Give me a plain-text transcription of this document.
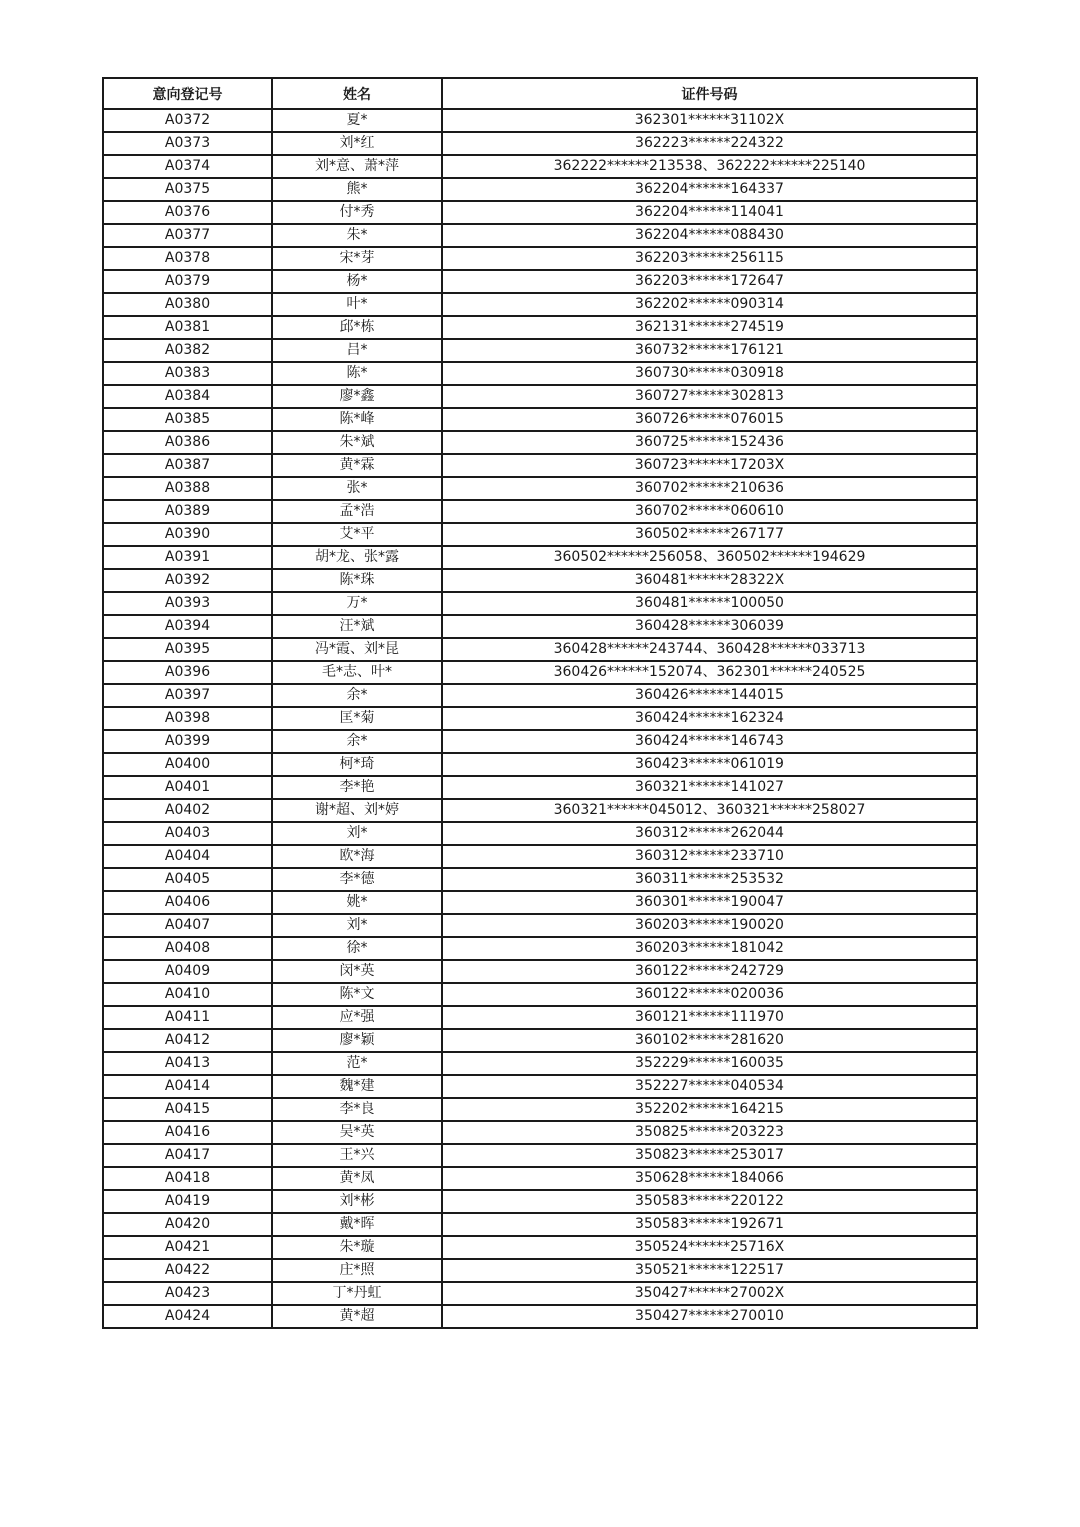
意向登记号	姓名	证件号码
A0372	夏*	362301******31102X
A0373	刘*红	362223******224322
A0374	刘*意、萧*萍	362222******213538、362222******225140
A0375	熊*	362204******164337
A0376	付*秀	362204******114041
A0377	朱*	362204******088430
A0378	宋*芽	362203******256115
A0379	杨*	362203******172647
A0380	叶*	362202******090314
A0381	邱*栋	362131******274519
A0382	吕*	360732******176121
A0383	陈*	360730******030918
A0384	廖*鑫	360727******302813
A0385	陈*峰	360726******076015
A0386	朱*斌	360725******152436
A0387	黄*霖	360723******17203X
A0388	张*	360702******210636
A0389	孟*浩	360702******060610
A0390	艾*平	360502******267177
A0391	胡*龙、张*露	360502******256058、360502******194629
A0392	陈*珠	360481******28322X
A0393	万*	360481******100050
A0394	汪*斌	360428******306039
A0395	冯*霞、刘*昆	360428******243744、360428******033713
A0396	毛*志、叶*	360426******152074、362301******240525
A0397	余*	360426******144015
A0398	匡*菊	360424******162324
A0399	余*	360424******146743
A0400	柯*琦	360423******061019
A0401	李*艳	360321******141027
A0402	谢*超、刘*婷	360321******045012、360321******258027
A0403	刘*	360312******262044
A0404	欧*海	360312******233710
A0405	李*德	360311******253532
A0406	姚*	360301******190047
A0407	刘*	360203******190020
A0408	徐*	360203******181042
A0409	闵*英	360122******242729
A0410	陈*文	360122******020036
A0411	应*强	360121******111970
A0412	廖*颖	360102******281620
A0413	范*	352229******160035
A0414	魏*建	352227******040534
A0415	李*良	352202******164215
A0416	吴*英	350825******203223
A0417	王*兴	350823******253017
A0418	黄*凤	350628******184066
A0419	刘*彬	350583******220122
A0420	戴*晖	350583******192671
A0421	朱*璇	350524******25716X
A0422	庄*照	350521******122517
A0423	丁*丹虹	350427******27002X
A0424	黄*超	350427******270010
